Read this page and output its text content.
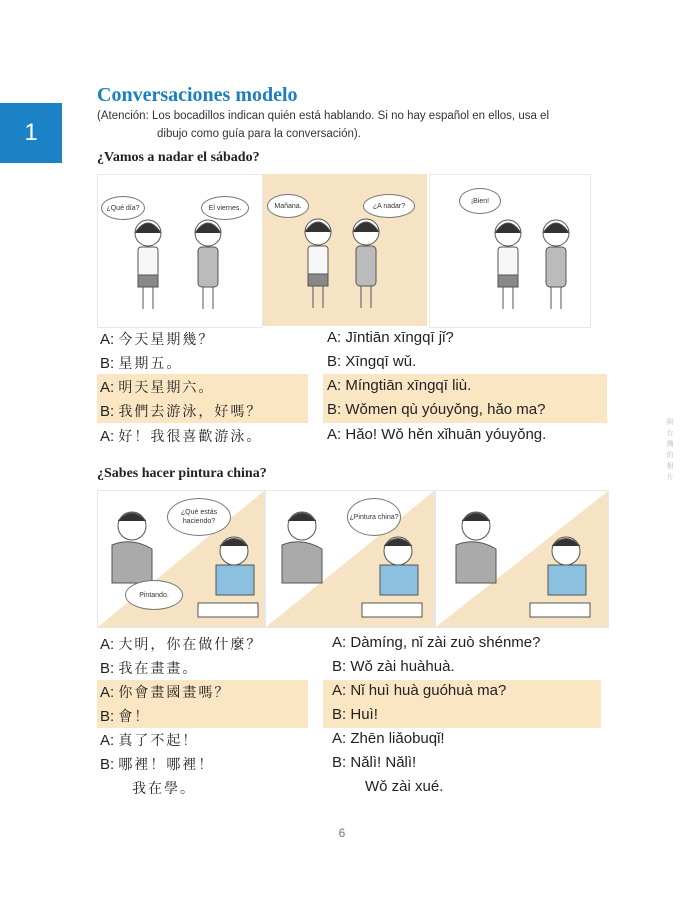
1
與 台 灣 的 相 片
Conversaciones modelo
(Atención: Los bocadillos indican quién está hablando. Si no hay español en ellos, usa el
dibujo como guía para la conversación).
¿Vamos a nadar el sábado?
¿Qué día?	El viernes.	Mañana.	¿A nadar?
¡Bien!
A: 今天星期幾？	A: Jīntiān xīngqī jǐ?
B: 星期五。	B: Xīngqī wǔ.
A: 明天星期六。	A: Míngtiān xīngqī liù.
B: 我們去游泳，好嗎？	B: Wǒmen qù yóuyǒng, hǎo ma?
A: 好！我很喜歡游泳。	A: Hǎo! Wǒ hěn xǐhuān yóuyǒng.
¿Sabes hacer pintura china?
¿Qué estás haciendo?
Pintando.
¿Pintura china?
A: 大明，你在做什麼？	A: Dàmíng, nǐ zài zuò shénme?
B: 我在畫畫。	B: Wǒ zài huàhuà.
A: 你會畫國畫嗎？	A: Nǐ huì huà guóhuà ma?
B: 會！	B: Huì!
A: 真了不起！	A: Zhēn liǎobuqǐ!
B: 哪裡！哪裡！	B: Nǎlì! Nǎlì!
我在學。	Wǒ zài xué.
6
